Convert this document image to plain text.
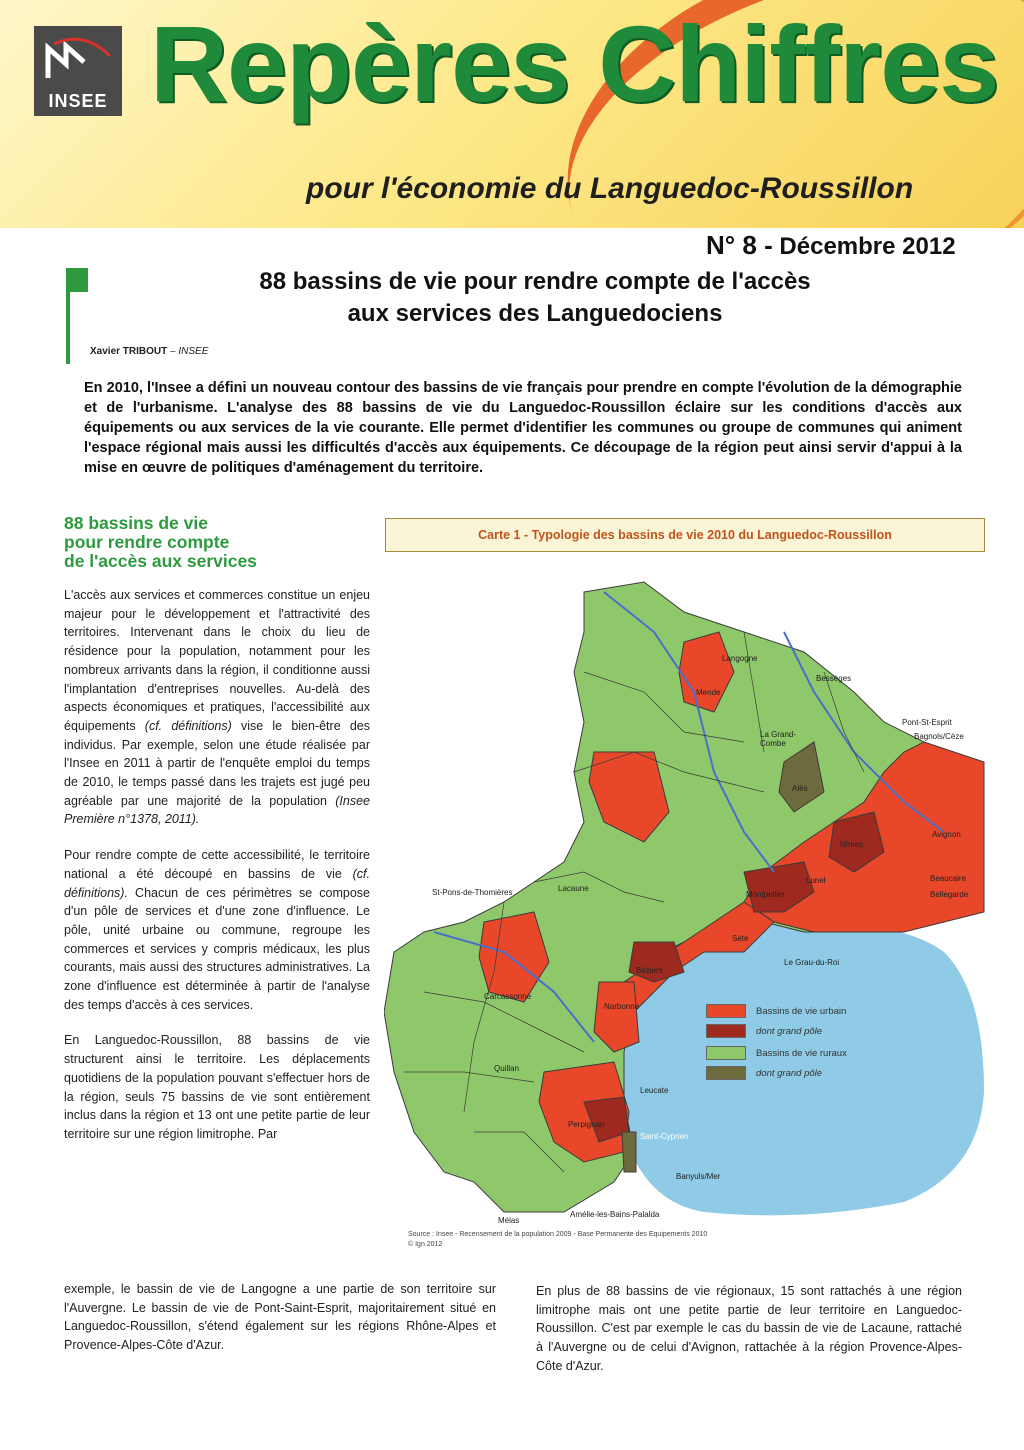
INSEE Repères Chiffres
pour l'économie du Languedoc-Roussillon
N° 8 - Décembre 2012
88 bassins de vie pour rendre compte de l'accès
aux services des Languedociens
Xavier TRIBOUT – INSEE
En 2010, l'Insee a défini un nouveau contour des bassins de vie français pour prendre en compte l'évolution de la démographie et de l'urbanisme. L'analyse des 88 bassins de vie du Languedoc-Roussillon éclaire sur les conditions d'accès aux équipements ou aux services de la vie courante. Elle permet d'identifier les communes ou groupe de communes qui animent l'espace régional mais aussi les difficultés d'accès aux équipements. Ce découpage de la région peut ainsi servir d'appui à la mise en œuvre de politiques d'aménagement du territoire.
88 bassins de vie
pour rendre compte
de l'accès aux services

L'accès aux services et commerces constitue un enjeu majeur pour le développement et l'attractivité des territoires. Intervenant dans le choix du lieu de résidence pour la population, notamment pour les nombreux arrivants dans la région, il conditionne aussi l'implantation d'entreprises nouvelles. Au-delà des aspects économiques et pratiques, l'accessibilité aux équipements (cf. définitions) vise le bien-être des individus. Par exemple, selon une étude réalisée par l'Insee en 2011 à partir de l'enquête emploi du temps de 2010, le temps passé dans les trajets est jugé peu agréable par une majorité de la population (Insee Première n°1378, 2011).

Pour rendre compte de cette accessibilité, le territoire national a été découpé en bassins de vie (cf. définitions). Chacun de ces périmètres se compose d'un pôle de services et d'une zone d'influence. Le pôle, unité urbaine ou commune, regroupe les commerces et services y compris médicaux, les plus courants, mais aussi des structures administratives. La zone d'influence est déterminée à partir de l'analyse des temps d'accès à ces services.

En Languedoc-Roussillon, 88 bassins de vie structurent ainsi le territoire. Les déplacements quotidiens de la population pouvant s'effectuer hors de la région, seuls 75 bassins de vie sont entièrement inclus dans la région et 13 ont une petite partie de leur territoire sur une région limitrophe. Par

exemple, le bassin de vie de Langogne a une partie de son territoire sur l'Auvergne. Le bassin de vie de Pont-Saint-Esprit, majoritairement situé en Languedoc-Roussillon, s'étend également sur les régions Rhône-Alpes et Provence-Alpes-Côte d'Azur.
En plus de 88 bassins de vie régionaux, 15 sont rattachés à une région limitrophe mais ont une petite partie de leur territoire en Languedoc-Roussillon. C'est par exemple le cas du bassin de vie de Lacaune, rattaché à l'Auvergne ou de celui d'Avignon, rattachée à la région Provence-Alpes-Côte d'Azur.
Carte 1 - Typologie des bassins de vie 2010 du Languedoc-Roussillon
Langogne
Mende
Bessèges
Pont-St-Esprit
Bagnols/Cèze
La Grand-Combe
Alès
Avignon
Nîmes
Beaucaire
Bellegarde
St-Pons-de-Thomières	Lacaune
Montpellier
Lunel
Sète
Le Grau-du-Roi
Béziers
Carcassonne
Narbonne
Quillan
Leucate
Perpignan
Saint-Cyprien
Banyuls/Mer
Amélie-les-Bains-Palalda
Mélas
Bassins de vie urbain
dont grand pôle
Bassins de vie ruraux
dont grand pôle
Source : Insee - Recensement de la population 2009 - Base Permanente des Equipements 2010
© Ign 2012
